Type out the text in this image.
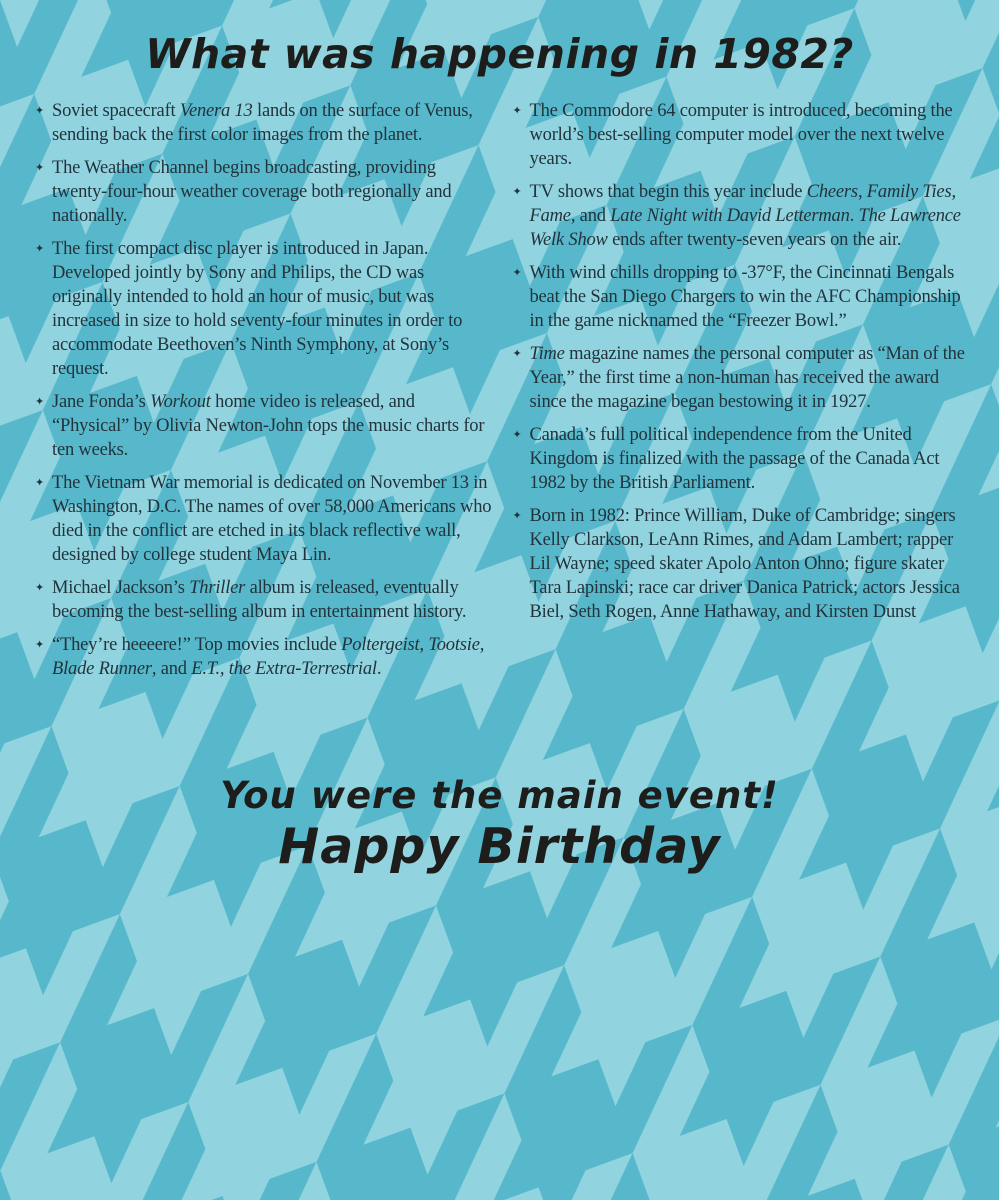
What was happening in 1982?
✦ Soviet spacecraft Venera 13 lands on the surface of Venus, sending back the first color images from the planet.
✦ The Weather Channel begins broadcasting, providing twenty-four-hour weather coverage both regionally and nationally.
✦ The first compact disc player is introduced in Japan. Developed jointly by Sony and Philips, the CD was originally intended to hold an hour of music, but was increased in size to hold seventy-four minutes in order to accommodate Beethoven’s Ninth Symphony, at Sony’s request.
✦ Jane Fonda’s Workout home video is released, and “Physical” by Olivia Newton-John tops the music charts for ten weeks.
✦ The Vietnam War memorial is dedicated on November 13 in Washington, D.C. The names of over 58,000 Americans who died in the conflict are etched in its black reflective wall, designed by college student Maya Lin.
✦ Michael Jackson’s Thriller album is released, eventually becoming the best-selling album in entertainment history.
✦ “They’re heeeere!” Top movies include Poltergeist, Tootsie, Blade Runner, and E.T., the Extra-Terrestrial.
✦ The Commodore 64 computer is introduced, becoming the world’s best-selling computer model over the next twelve years.
✦ TV shows that begin this year include Cheers, Family Ties, Fame, and Late Night with David Letterman. The Lawrence Welk Show ends after twenty-seven years on the air.
✦ With wind chills dropping to -37°F, the Cincinnati Bengals beat the San Diego Chargers to win the AFC Championship in the game nicknamed the “Freezer Bowl.”
✦ Time magazine names the personal computer as “Man of the Year,” the first time a non-human has received the award since the magazine began bestowing it in 1927.
✦ Canada’s full political independence from the United Kingdom is finalized with the passage of the Canada Act 1982 by the British Parliament.
✦ Born in 1982: Prince William, Duke of Cambridge; singers Kelly Clarkson, LeAnn Rimes, and Adam Lambert; rapper Lil Wayne; speed skater Apolo Anton Ohno; figure skater Tara Lapinski; race car driver Danica Patrick; actors Jessica Biel, Seth Rogen, Anne Hathaway, and Kirsten Dunst
You were the main event!
Happy Birthday
